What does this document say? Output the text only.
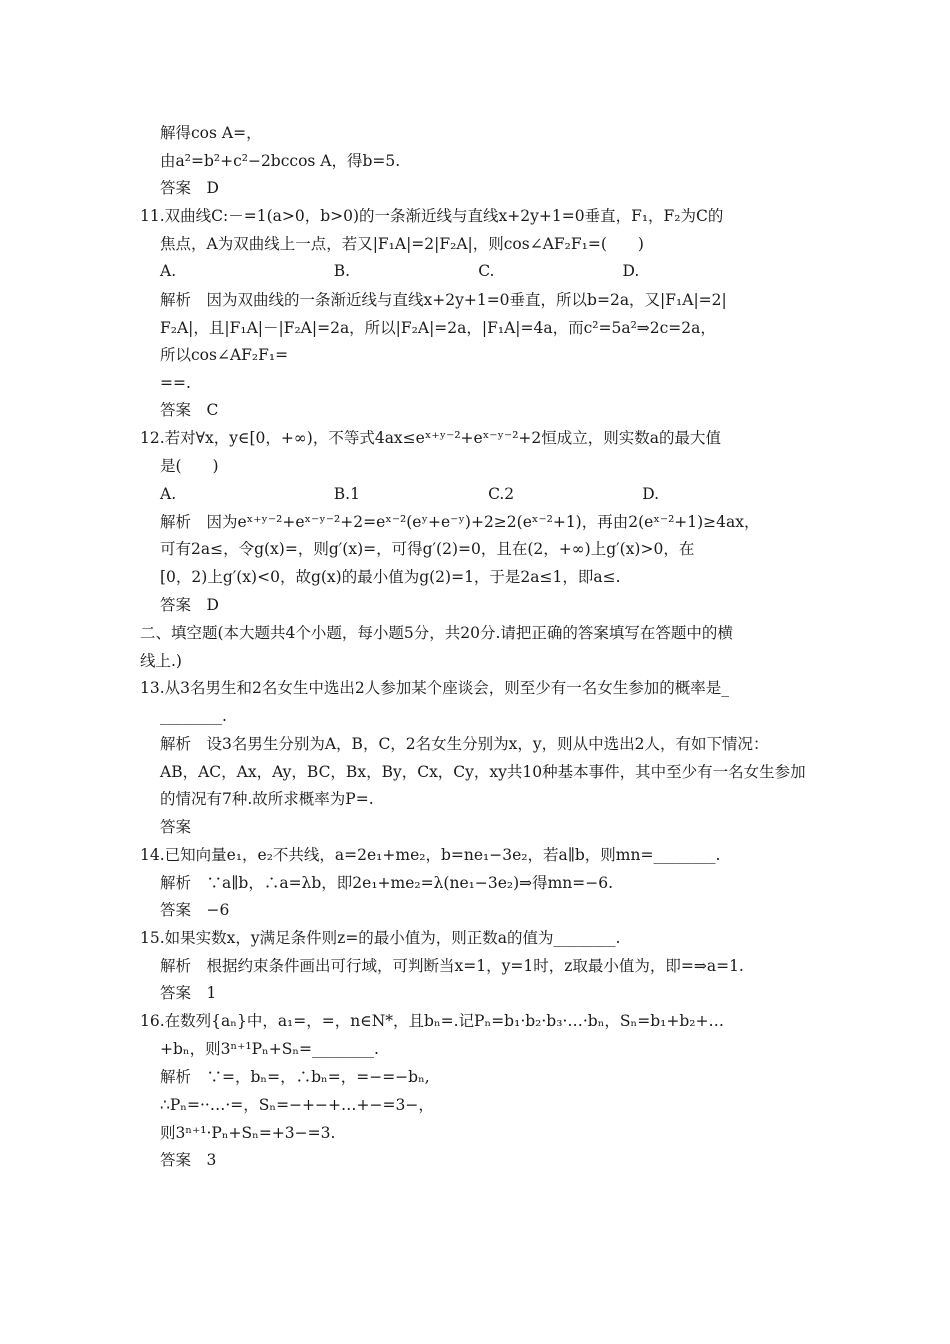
解得cos A=，
由a²=b²+c²−2bccos A，得b=5.
答案　D
11.双曲线C:－=1(a>0，b>0)的一条渐近线与直线x+2y+1=0垂直，F₁，F₂为C的
焦点，A为双曲线上一点，若又|F₁A|=2|F₂A|，则cos∠AF₂F₁=(　　)
A.                                B.                          C.                          D.
解析　因为双曲线的一条渐近线与直线x+2y+1=0垂直，所以b=2a，又|F₁A|=2|
F₂A|，且|F₁A|－|F₂A|=2a，所以|F₂A|=2a，|F₁A|=4a，而c²=5a²⇒2c=2a，
所以cos∠AF₂F₁=
==.
答案　C
12.若对∀x，y∈[0，+∞)，不等式4ax≤eˣ⁺ʸ⁻²+eˣ⁻ʸ⁻²+2恒成立，则实数a的最大值
是(　　)
A.                                B.1                          C.2                          D.
解析　因为eˣ⁺ʸ⁻²+eˣ⁻ʸ⁻²+2=eˣ⁻²(eʸ+e⁻ʸ)+2≥2(eˣ⁻²+1)，再由2(eˣ⁻²+1)≥4ax，
可有2a≤，令g(x)=，则g′(x)=，可得g′(2)=0，且在(2，+∞)上g′(x)>0，在
[0，2)上g′(x)<0，故g(x)的最小值为g(2)=1，于是2a≤1，即a≤.
答案　D
二、填空题(本大题共4个小题，每小题5分，共20分.请把正确的答案填写在答题中的横
线上.)
13.从3名男生和2名女生中选出2人参加某个座谈会，则至少有一名女生参加的概率是_
________.
解析　设3名男生分别为A，B，C，2名女生分别为x，y，则从中选出2人，有如下情况：
AB，AC，Ax，Ay，BC，Bx，By，Cx，Cy，xy共10种基本事件，其中至少有一名女生参加
的情况有7种.故所求概率为P=.
答案
14.已知向量e₁，e₂不共线，a=2e₁+me₂，b=ne₁−3e₂，若a∥b，则mn=________.
解析　∵a∥b，∴a=λb，即2e₁+me₂=λ(ne₁−3e₂)⇒得mn=−6.
答案　−6
15.如果实数x，y满足条件则z=的最小值为，则正数a的值为________.
解析　根据约束条件画出可行域，可判断当x=1，y=1时，z取最小值为，即=⇒a=1.
答案　1
16.在数列{aₙ}中，a₁=，=，n∈N*，且bₙ=.记Pₙ=b₁·b₂·b₃·…·bₙ，Sₙ=b₁+b₂+…
+bₙ，则3ⁿ⁺¹Pₙ+Sₙ=________.
解析　∵=，bₙ=，∴bₙ=，=−=−bₙ,
∴Pₙ=··…·=，Sₙ=−+−+…+−=3−，
则3ⁿ⁺¹·Pₙ+Sₙ=+3−=3.
答案　3
